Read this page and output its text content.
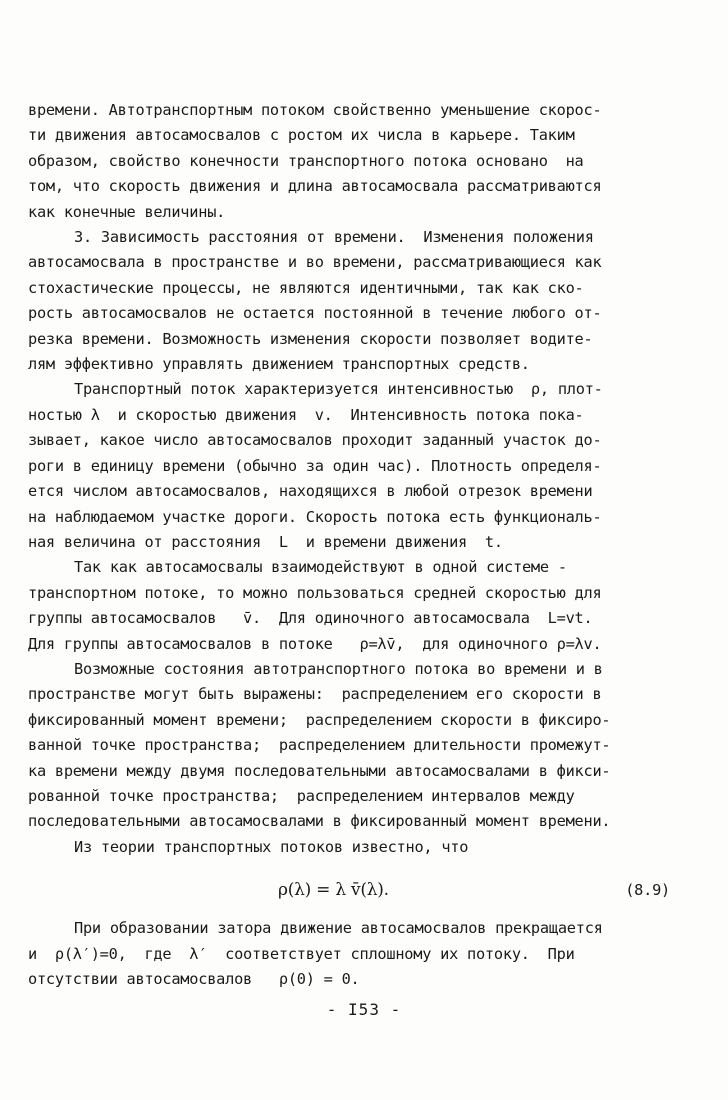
времени. Автотранспортным потоком свойственно уменьшение скорос-
ти движения автосамосвалов с ростом их числа в карьере. Таким
образом, свойство конечности транспортного потока основано  на
том, что скорость движения и длина автосамосвала рассматриваются
как конечные величины.
3. Зависимость расстояния от времени.  Изменения положения
автосамосвала в пространстве и во времени, рассматривающиеся как
стохастические процессы, не являются идентичными, так как ско-
рость автосамосвалов не остается постоянной в течение любого от-
резка времени. Возможность изменения скорости позволяет водите-
лям эффективно управлять движением транспортных средств.
Транспортный поток характеризуется интенсивностью  ρ, плот-
ностью λ  и скоростью движения  v.  Интенсивность потока пока-
зывает, какое число автосамосвалов проходит заданный участок до-
роги в единицу времени (обычно за один час). Плотность определя-
ется числом автосамосвалов, находящихся в любой отрезок времени
на наблюдаемом участке дороги. Скорость потока есть функциональ-
ная величина от расстояния  L  и времени движения  t.
Так как автосамосвалы взаимодействуют в одной системе -
транспортном потоке, то можно пользоваться средней скоростью для
группы автосамосвалов   v̄.  Для одиночного автосамосвала  L=vt.
Для группы автосамосвалов в потоке   ρ=λv̄,  для одиночного ρ=λv.
Возможные состояния автотранспортного потока во времени и в
пространстве могут быть выражены:  распределением его скорости в
фиксированный момент времени;  распределением скорости в фиксиро-
ванной точке пространства;  распределением длительности промежут-
ка времени между двумя последовательными автосамосвалами в фикси-
рованной точке пространства;  распределением интервалов между
последовательными автосамосвалами в фиксированный момент времени.
Из теории транспортных потоков известно, что
ρ(λ) = λ v̄(λ).	(8.9)
При образовании затора движение автосамосвалов прекращается
и  ρ(λ′)=0,  где  λ′  соответствует сплошному их потоку.  При
отсутствии автосамосвалов   ρ(0) = 0.
- I53 -
